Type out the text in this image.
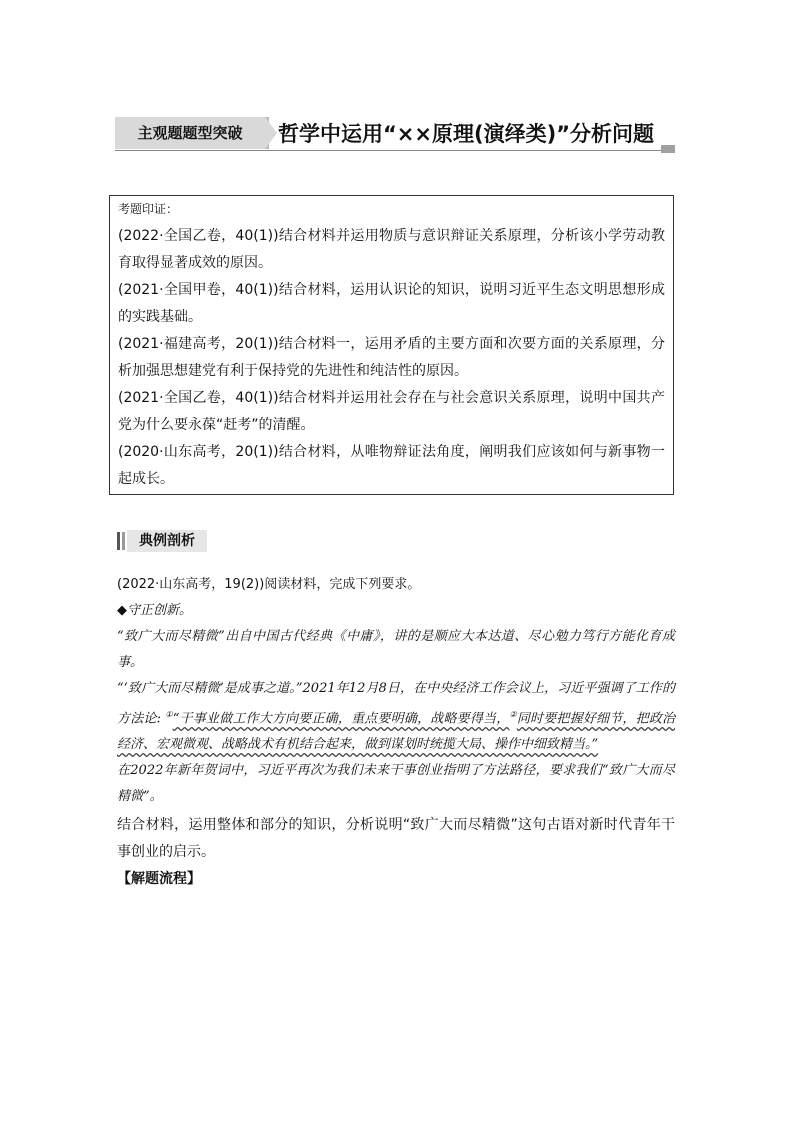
主观题题型突破	哲学中运用“××原理(演绎类)”分析问题
考题印证：
(2022·全国乙卷，40(1))结合材料并运用物质与意识辩证关系原理，分析该小学劳动教育取得显著成效的原因。
(2021·全国甲卷，40(1))结合材料，运用认识论的知识，说明习近平生态文明思想形成的实践基础。
(2021·福建高考，20(1))结合材料一，运用矛盾的主要方面和次要方面的关系原理，分析加强思想建党有利于保持党的先进性和纯洁性的原因。
(2021·全国乙卷，40(1))结合材料并运用社会存在与社会意识关系原理，说明中国共产党为什么要永葆“赶考”的清醒。
(2020·山东高考，20(1))结合材料，从唯物辩证法角度，阐明我们应该如何与新事物一起成长。
典例剖析
(2022·山东高考，19(2))阅读材料，完成下列要求。
◆守正创新。
“致广大而尽精微”出自中国古代经典《中庸》，讲的是顺应大本达道、尽心勉力笃行方能化育成事。
“‘致广大而尽精微’是成事之道。”2021年12月8日，在中央经济工作会议上，习近平强调了工作的方法论: ①“干事业做工作大方向要正确，重点要明确，战略要得当，②同时要把握好细节，把政治经济、宏观微观、战略战术有机结合起来，做到谋划时统揽大局、操作中细致精当。”
在2022年新年贺词中，习近平再次为我们未来干事创业指明了方法路径，要求我们“致广大而尽精微”。
结合材料，运用整体和部分的知识，分析说明“致广大而尽精微”这句古语对新时代青年干事创业的启示。
【解题流程】
